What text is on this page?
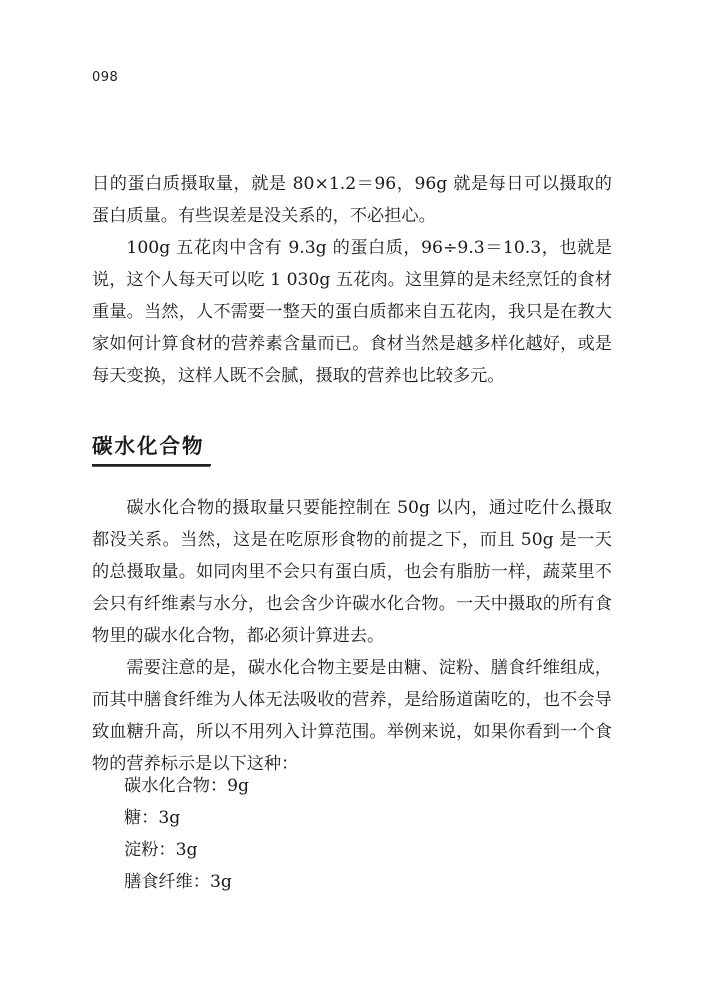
098

日的蛋白质摄取量，就是 80×1.2＝96，96g 就是每日可以摄取的蛋白质量。有些误差是没关系的，不必担心。

100g 五花肉中含有 9.3g 的蛋白质，96÷9.3＝10.3，也就是说，这个人每天可以吃 1 030g 五花肉。这里算的是未经烹饪的食材重量。当然，人不需要一整天的蛋白质都来自五花肉，我只是在教大家如何计算食材的营养素含量而已。食材当然是越多样化越好，或是每天变换，这样人既不会腻，摄取的营养也比较多元。

碳水化合物

碳水化合物的摄取量只要能控制在 50g 以内，通过吃什么摄取都没关系。当然，这是在吃原形食物的前提之下，而且 50g 是一天的总摄取量。如同肉里不会只有蛋白质，也会有脂肪一样，蔬菜里不会只有纤维素与水分，也会含少许碳水化合物。一天中摄取的所有食物里的碳水化合物，都必须计算进去。

需要注意的是，碳水化合物主要是由糖、淀粉、膳食纤维组成，而其中膳食纤维为人体无法吸收的营养，是给肠道菌吃的，也不会导致血糖升高，所以不用列入计算范围。举例来说，如果你看到一个食物的营养标示是以下这种：

碳水化合物：9g
糖：3g
淀粉：3g
膳食纤维：3g
